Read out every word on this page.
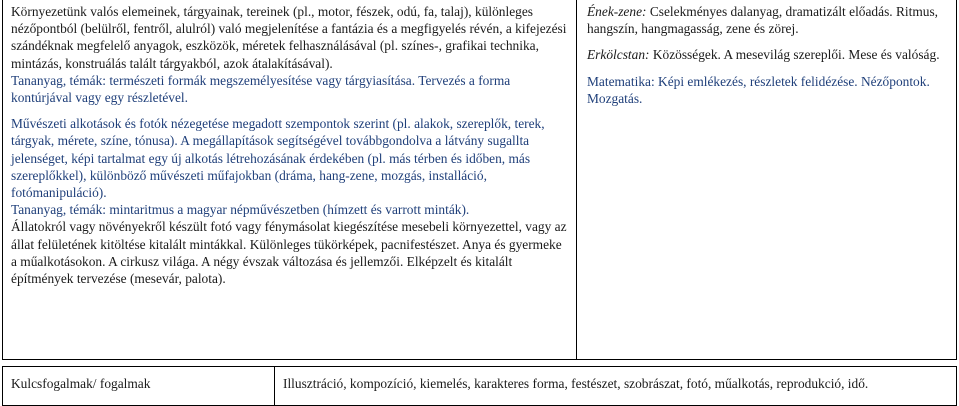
Környezetünk valós elemeinek, tárgyainak, tereinek (pl., motor, fészek, odú, fa, talaj), különleges nézőpontból (belülről, fentről, alulról) való megjelenítése a fantázia és a megfigyelés révén, a kifejezési szándéknak megfelelő anyagok, eszközök, méretek felhasználásával (pl. színes-, grafikai technika, mintázás, konstruálás talált tárgyakból, azok átalakításával).

Tananyag, témák: természeti formák megszemélyesítése vagy tárgyiasítása. Tervezés a forma kontúrjával vagy egy részletével.

Művészeti alkotások és fotók nézegetése megadott szempontok szerint (pl. alakok, szereplők, terek, tárgyak, mérete, színe, tónusa). A megállapítások segítségével továbbgondolva a látvány sugallta jelenséget, képi tartalmat egy új alkotás létrehozásának érdekében (pl. más térben és időben, más szereplőkkel), különböző művészeti műfajokban (dráma, hang-zene, mozgás, installáció, fotómanipuláció).

Tananyag, témák: mintaritmus a magyar népművészetben (hímzett és varrott minták).

Állatokról vagy növényekről készült fotó vagy fénymásolat kiegészítése mesebeli környezettel, vagy az állat felületének kitöltése kitalált mintákkal. Különleges tükörképek, pacnifestészet. Anya és gyermeke a műalkotásokon. A cirkusz világa. A négy évszak változása és jellemzői. Elképzelt és kitalált építmények tervezése (mesevár, palota).

Ének-zene: Cselekményes dalanyag, dramatizált előadás. Ritmus, hangszín, hangmagasság, zene és zörej.

Erkölcstan: Közösségek. A mesevilág szereplői. Mese és valóság.

Matematika: Képi emlékezés, részletek felidézése. Nézőpontok. Mozgatás.

Kulcsfogalmak/ fogalmak	Illusztráció, kompozíció, kiemelés, karakteres forma, festészet, szobrászat, fotó, műalkotás, reprodukció, idő.
